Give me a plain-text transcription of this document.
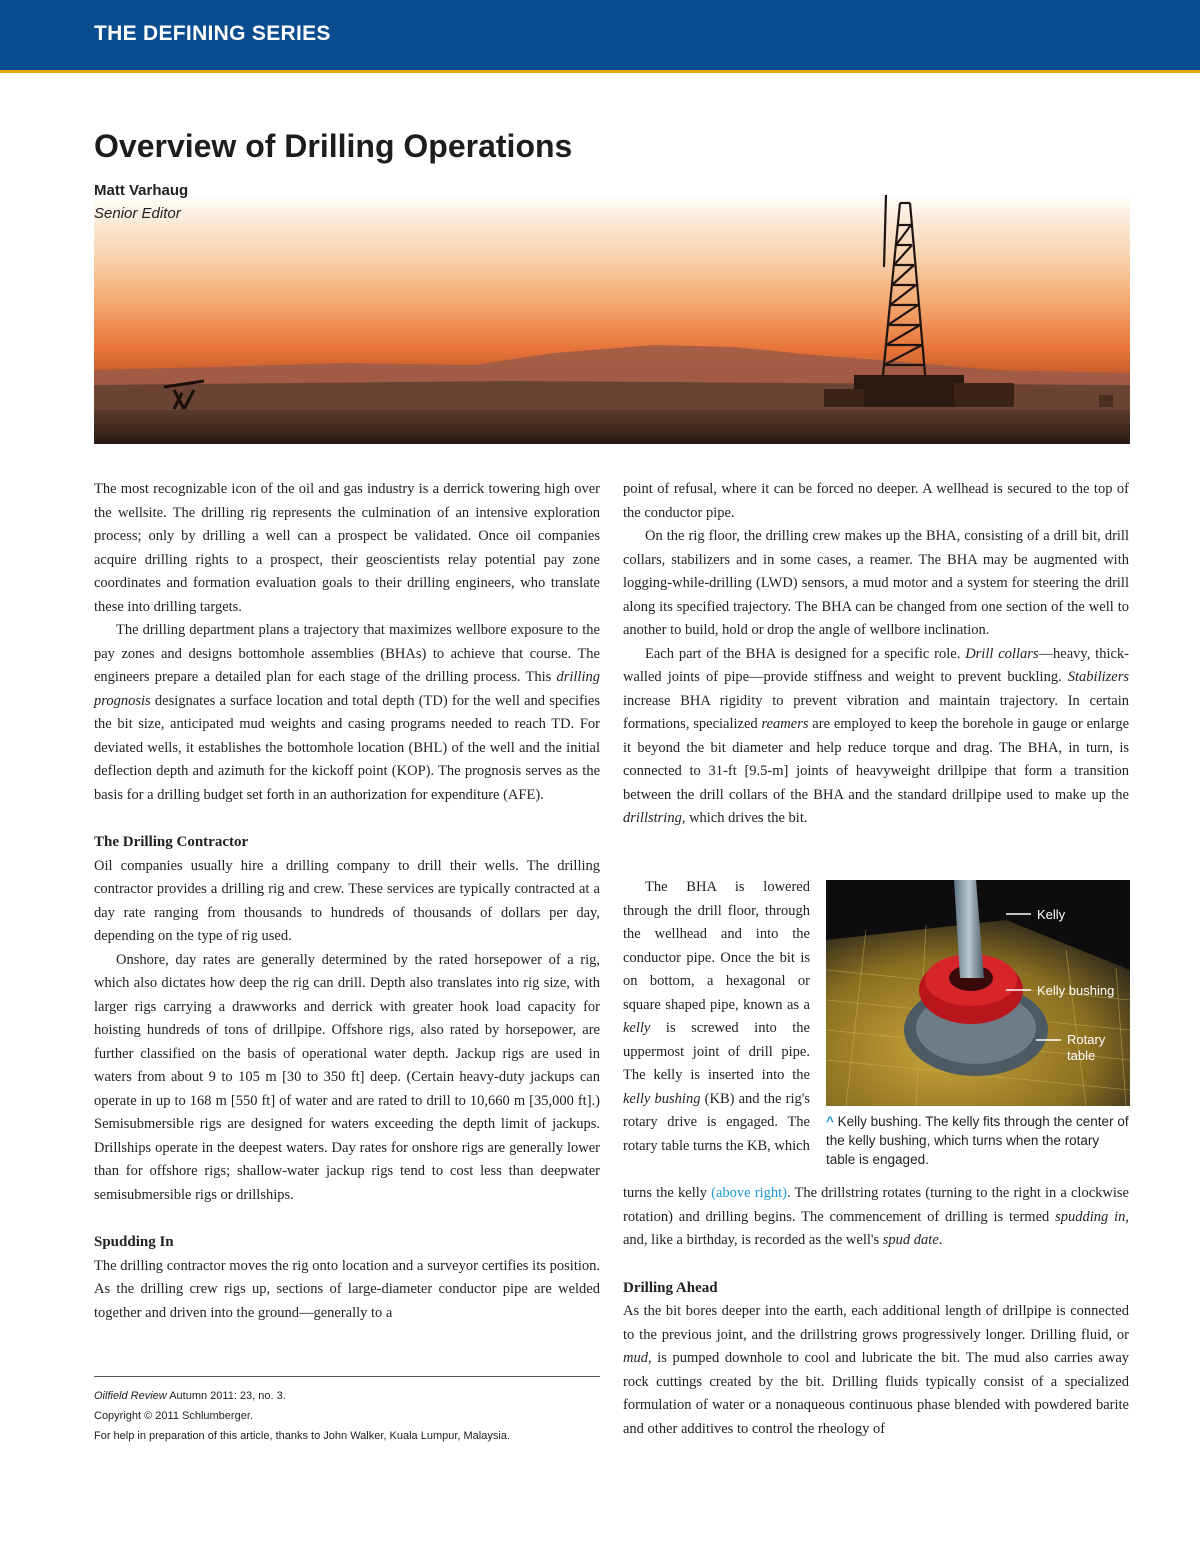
THE DEFINING SERIES
Overview of Drilling Operations
Matt Varhaug
Senior Editor

The most recognizable icon of the oil and gas industry is a derrick towering high over the wellsite. The drilling rig represents the culmination of an intensive exploration process; only by drilling a well can a prospect be validated. Once oil companies acquire drilling rights to a prospect, their geoscientists relay potential pay zone coordinates and formation evaluation goals to their drilling engineers, who translate these into drilling targets.

The drilling department plans a trajectory that maximizes wellbore exposure to the pay zones and designs bottomhole assemblies (BHAs) to achieve that course. The engineers prepare a detailed plan for each stage of the drilling process. This drilling prognosis designates a surface location and total depth (TD) for the well and specifies the bit size, anticipated mud weights and casing programs needed to reach TD. For deviated wells, it establishes the bottomhole location (BHL) of the well and the initial deflection depth and azimuth for the kickoff point (KOP). The prognosis serves as the basis for a drilling budget set forth in an authorization for expenditure (AFE).

The Drilling Contractor

Oil companies usually hire a drilling company to drill their wells. The drilling contractor provides a drilling rig and crew. These services are typically contracted at a day rate ranging from thousands to hundreds of thousands of dollars per day, depending on the type of rig used.

Onshore, day rates are generally determined by the rated horsepower of a rig, which also dictates how deep the rig can drill. Depth also translates into rig size, with larger rigs carrying a drawworks and derrick with greater hook load capacity for hoisting hundreds of tons of drillpipe. Offshore rigs, also rated by horsepower, are further classified on the basis of operational water depth. Jackup rigs are used in waters from about 9 to 105 m [30 to 350 ft] deep. (Certain heavy-duty jackups can operate in up to 168 m [550 ft] of water and are rated to drill to 10,660 m [35,000 ft].) Semisubmersible rigs are designed for waters exceeding the depth limit of jackups. Drillships operate in the deepest waters. Day rates for onshore rigs are generally lower than for offshore rigs; shallow-water jackup rigs tend to cost less than deepwater semisubmersible rigs or drillships.

Spudding In

The drilling contractor moves the rig onto location and a surveyor certifies its position. As the drilling crew rigs up, sections of large-diameter conductor pipe are welded together and driven into the ground—generally to a

point of refusal, where it can be forced no deeper. A wellhead is secured to the top of the conductor pipe.

On the rig floor, the drilling crew makes up the BHA, consisting of a drill bit, drill collars, stabilizers and in some cases, a reamer. The BHA may be augmented with logging-while-drilling (LWD) sensors, a mud motor and a system for steering the drill along its specified trajectory. The BHA can be changed from one section of the well to another to build, hold or drop the angle of wellbore inclination.

Each part of the BHA is designed for a specific role. Drill collars—heavy, thick-walled joints of pipe—provide stiffness and weight to prevent buckling. Stabilizers increase BHA rigidity to prevent vibration and maintain trajectory. In certain formations, specialized reamers are employed to keep the borehole in gauge or enlarge it beyond the bit diameter and help reduce torque and drag. The BHA, in turn, is connected to 31-ft [9.5-m] joints of heavyweight drillpipe that form a transition between the drill collars of the BHA and the standard drillpipe used to make up the drillstring, which drives the bit.

The BHA is lowered through the drill floor, through the wellhead and into the conductor pipe. Once the bit is on bottom, a hexagonal or square shaped pipe, known as a kelly is screwed into the uppermost joint of drill pipe. The kelly is inserted into the kelly bushing (KB) and the rig's rotary drive is engaged. The rotary table turns the KB, which

Kelly
Kelly bushing
Rotary
table
^ Kelly bushing. The kelly fits through the center of the kelly bushing, which turns when the rotary table is engaged.

turns the kelly (above right). The drillstring rotates (turning to the right in a clockwise rotation) and drilling begins. The commencement of drilling is termed spudding in, and, like a birthday, is recorded as the well's spud date.

Drilling Ahead

As the bit bores deeper into the earth, each additional length of drillpipe is connected to the previous joint, and the drillstring grows progressively longer. Drilling fluid, or mud, is pumped downhole to cool and lubricate the bit. The mud also carries away rock cuttings created by the bit. Drilling fluids typically consist of a specialized formulation of water or a nonaqueous continuous phase blended with powdered barite and other additives to control the rheology of

Oilfield Review Autumn 2011: 23, no. 3.
Copyright © 2011 Schlumberger.
For help in preparation of this article, thanks to John Walker, Kuala Lumpur, Malaysia.
